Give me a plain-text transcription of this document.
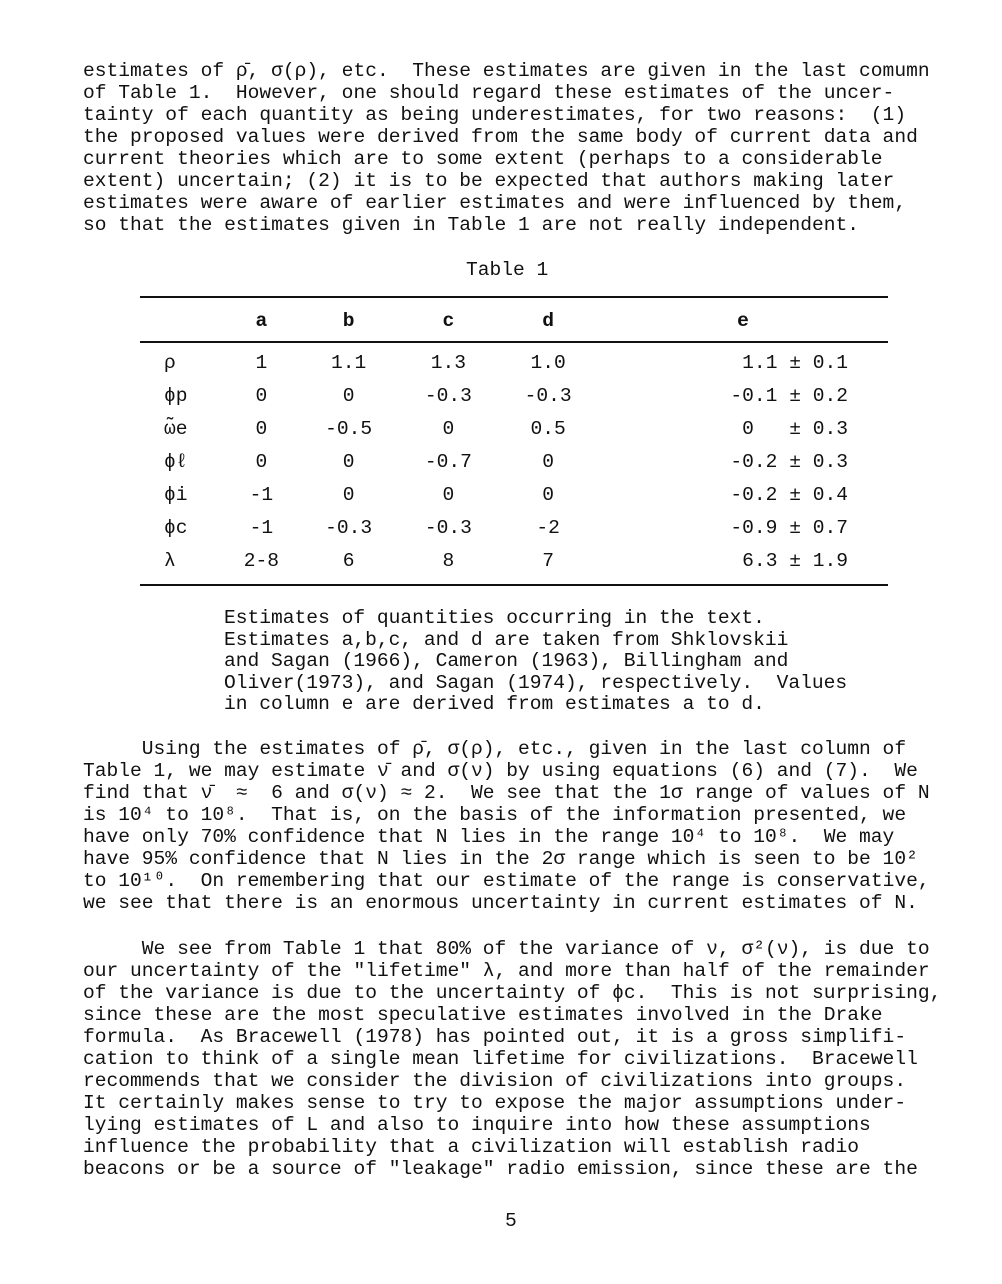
estimates of ρ̄, σ(ρ), etc.  These estimates are given in the last comumn
of Table 1.  However, one should regard these estimates of the uncer-
tainty of each quantity as being underestimates, for two reasons:  (1)
the proposed values were derived from the same body of current data and
current theories which are to some extent (perhaps to a considerable
extent) uncertain; (2) it is to be expected that authors making later
estimates were aware of earlier estimates and were influenced by them,
so that the estimates given in Table 1 are not really independent.
Table 1
	a	b	c	d	e

ρ	1	1.1	1.3	1.0	1.1 ± 0.1
ϕp	0	0	-0.3	-0.3	-0.1 ± 0.2
ω̃e	0	-0.5	0	0.5	0   ± 0.3
ϕℓ	0	0	-0.7	0	-0.2 ± 0.3
ϕi	-1	0	0	0	-0.2 ± 0.4
ϕc	-1	-0.3	-0.3	-2	-0.9 ± 0.7
λ	2-8	6	8	7	6.3 ± 1.9
Estimates of quantities occurring in the text.
Estimates a,b,c, and d are taken from Shklovskii
and Sagan (1966), Cameron (1963), Billingham and
Oliver(1973), and Sagan (1974), respectively.  Values
in column e are derived from estimates a to d.
Using the estimates of ρ̄, σ(ρ), etc., given in the last column of
Table 1, we may estimate ν̄ and σ(ν) by using equations (6) and (7).  We
find that ν̄  ≈  6 and σ(ν) ≈ 2.  We see that the 1σ range of values of N
is 10⁴ to 10⁸.  That is, on the basis of the information presented, we
have only 70% confidence that N lies in the range 10⁴ to 10⁸.  We may
have 95% confidence that N lies in the 2σ range which is seen to be 10²
to 10¹⁰.  On remembering that our estimate of the range is conservative,
we see that there is an enormous uncertainty in current estimates of N.
We see from Table 1 that 80% of the variance of ν, σ²(ν), is due to
our uncertainty of the "lifetime" λ, and more than half of the remainder
of the variance is due to the uncertainty of ϕc.  This is not surprising,
since these are the most speculative estimates involved in the Drake
formula.  As Bracewell (1978) has pointed out, it is a gross simplifi-
cation to think of a single mean lifetime for civilizations.  Bracewell
recommends that we consider the division of civilizations into groups.
It certainly makes sense to try to expose the major assumptions under-
lying estimates of L and also to inquire into how these assumptions
influence the probability that a civilization will establish radio
beacons or be a source of "leakage" radio emission, since these are the
5
